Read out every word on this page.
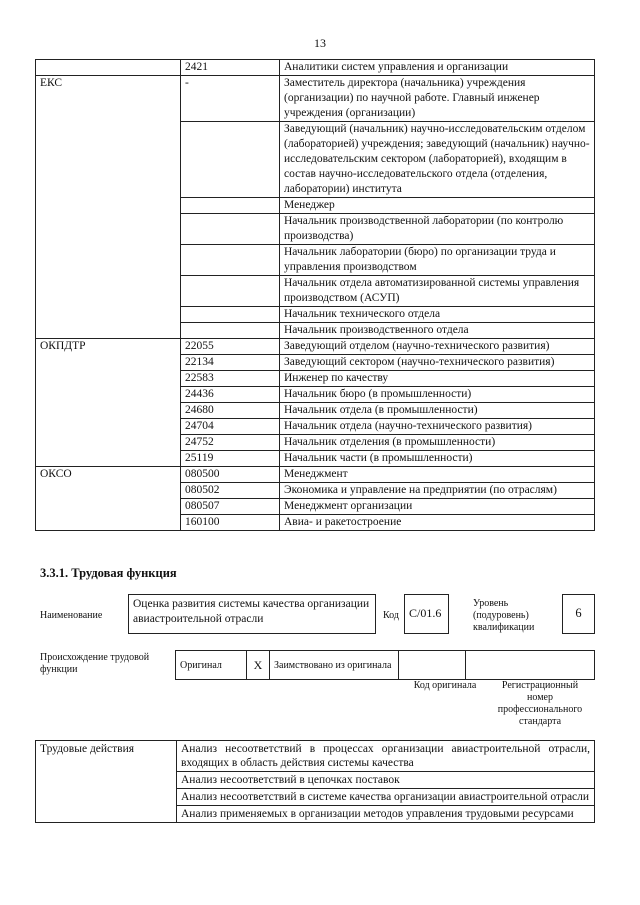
13
	2421	Аналитики систем управления и организации
ЕКС	-	Заместитель директора (начальника) учреждения (организации) по научной работе. Главный инженер учреждения (организации)
		Заведующий (начальник) научно-исследовательским отделом (лабораторией) учреждения; заведующий (начальник) научно-исследовательским сектором (лабораторией), входящим в состав научно-исследовательского отдела (отделения, лаборатории) института
		Менеджер
		Начальник производственной лаборатории (по контролю производства)
		Начальник лаборатории (бюро) по организации труда и управления производством
		Начальник отдела автоматизированной системы управления производством (АСУП)
		Начальник технического отдела
		Начальник производственного отдела
ОКПДТР	22055	Заведующий отделом (научно-технического развития)
	22134	Заведующий сектором (научно-технического развития)
	22583	Инженер по качеству
	24436	Начальник бюро (в промышленности)
	24680	Начальник отдела (в промышленности)
	24704	Начальник отдела (научно-технического развития)
	24752	Начальник отделения (в промышленности)
	25119	Начальник части (в промышленности)
ОКСО	080500	Менеджмент
	080502	Экономика и управление на предприятии (по отраслям)
	080507	Менеджмент организации
	160100	Авиа- и ракетостроение
3.3.1. Трудовая функция
Наименование
Оценка развития системы качества организации авиастроительной отрасли	Код С/01.6
Уровень (подуровень) квалификации
6
Происхождение трудовой функции	Оригинал	X	Заимствовано из оригинала		
Код оригинала	Регистрационный номер профессионального стандарта
Трудовые действия	Анализ несоответствий в процессах организации авиастроительной отрасли, входящих в область действия системы качества
Анализ несоответствий в цепочках поставок
Анализ несоответствий в системе качества организации авиастроительной отрасли
Анализ применяемых в организации методов управления трудовыми ресурсами
